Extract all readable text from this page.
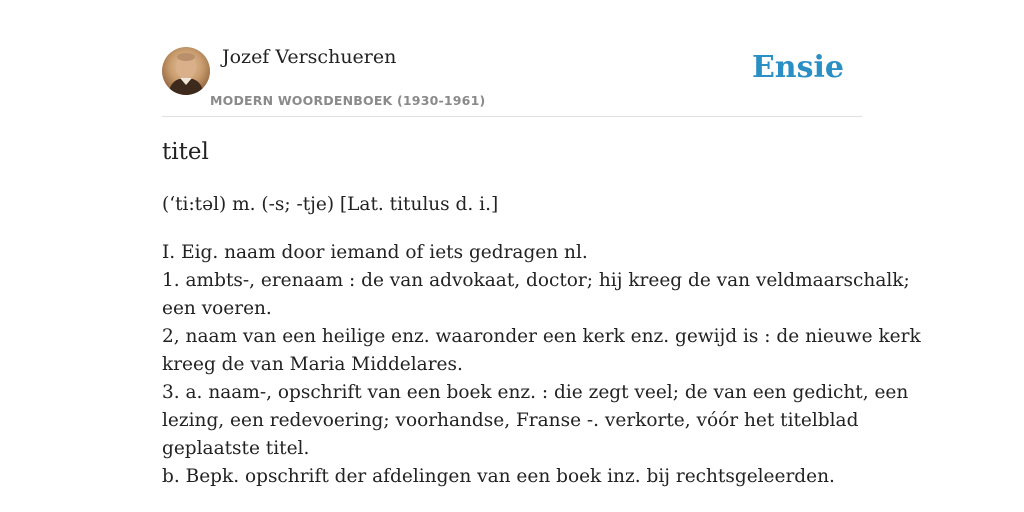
Jozef Verschueren
MODERN WOORDENBOEK (1930-1961)
Ensie
titel
(‘ti:təl) m. (-s; -tje) [Lat. titulus d. i.]
I. Eig. naam door iemand of iets gedragen nl.
1. ambts-, erenaam : de van advokaat, doctor; hij kreeg de van veldmaarschalk;
een voeren.
2, naam van een heilige enz. waaronder een kerk enz. gewijd is : de nieuwe kerk
kreeg de van Maria Middelares.
3. a. naam-, opschrift van een boek enz. : die zegt veel; de van een gedicht, een
lezing, een redevoering; voorhandse, Franse -. verkorte, vóór het titelblad
geplaatste titel.
b. Bepk. opschrift der afdelingen van een boek inz. bij rechtsgeleerden.
